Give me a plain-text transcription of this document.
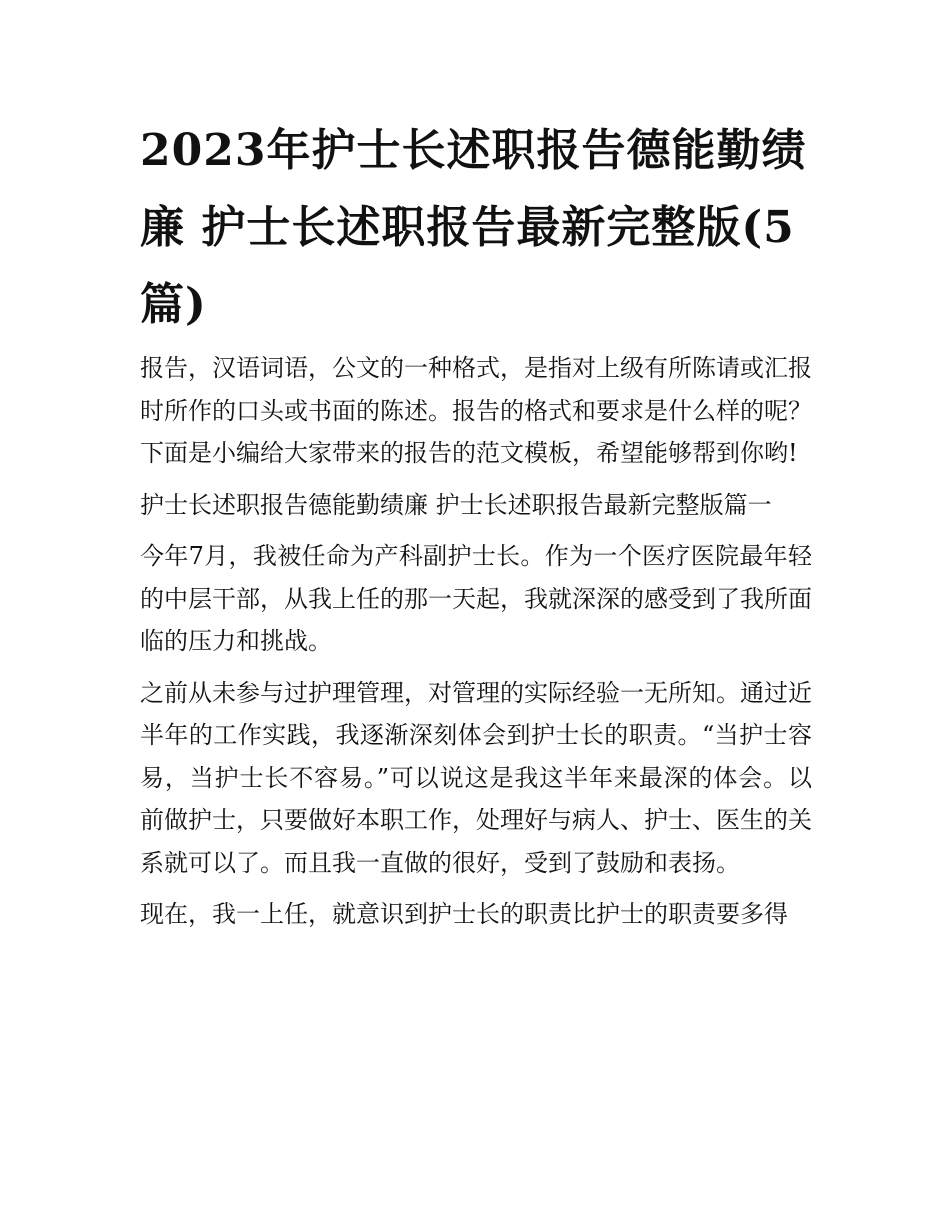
2023年护士长述职报告德能勤绩廉 护士长述职报告最新完整版(5篇)

报告，汉语词语，公文的一种格式，是指对上级有所陈请或汇报时所作的口头或书面的陈述。报告的格式和要求是什么样的呢？下面是小编给大家带来的报告的范文模板，希望能够帮到你哟!

护士长述职报告德能勤绩廉 护士长述职报告最新完整版篇一

今年7月，我被任命为产科副护士长。作为一个医疗医院最年轻的中层干部，从我上任的那一天起，我就深深的感受到了我所面临的压力和挑战。

之前从未参与过护理管理，对管理的实际经验一无所知。通过近半年的工作实践，我逐渐深刻体会到护士长的职责。“当护士容易，当护士长不容易。”可以说这是我这半年来最深的体会。以前做护士，只要做好本职工作，处理好与病人、护士、医生的关系就可以了。而且我一直做的很好，受到了鼓励和表扬。

现在，我一上任，就意识到护士长的职责比护士的职责要多得
